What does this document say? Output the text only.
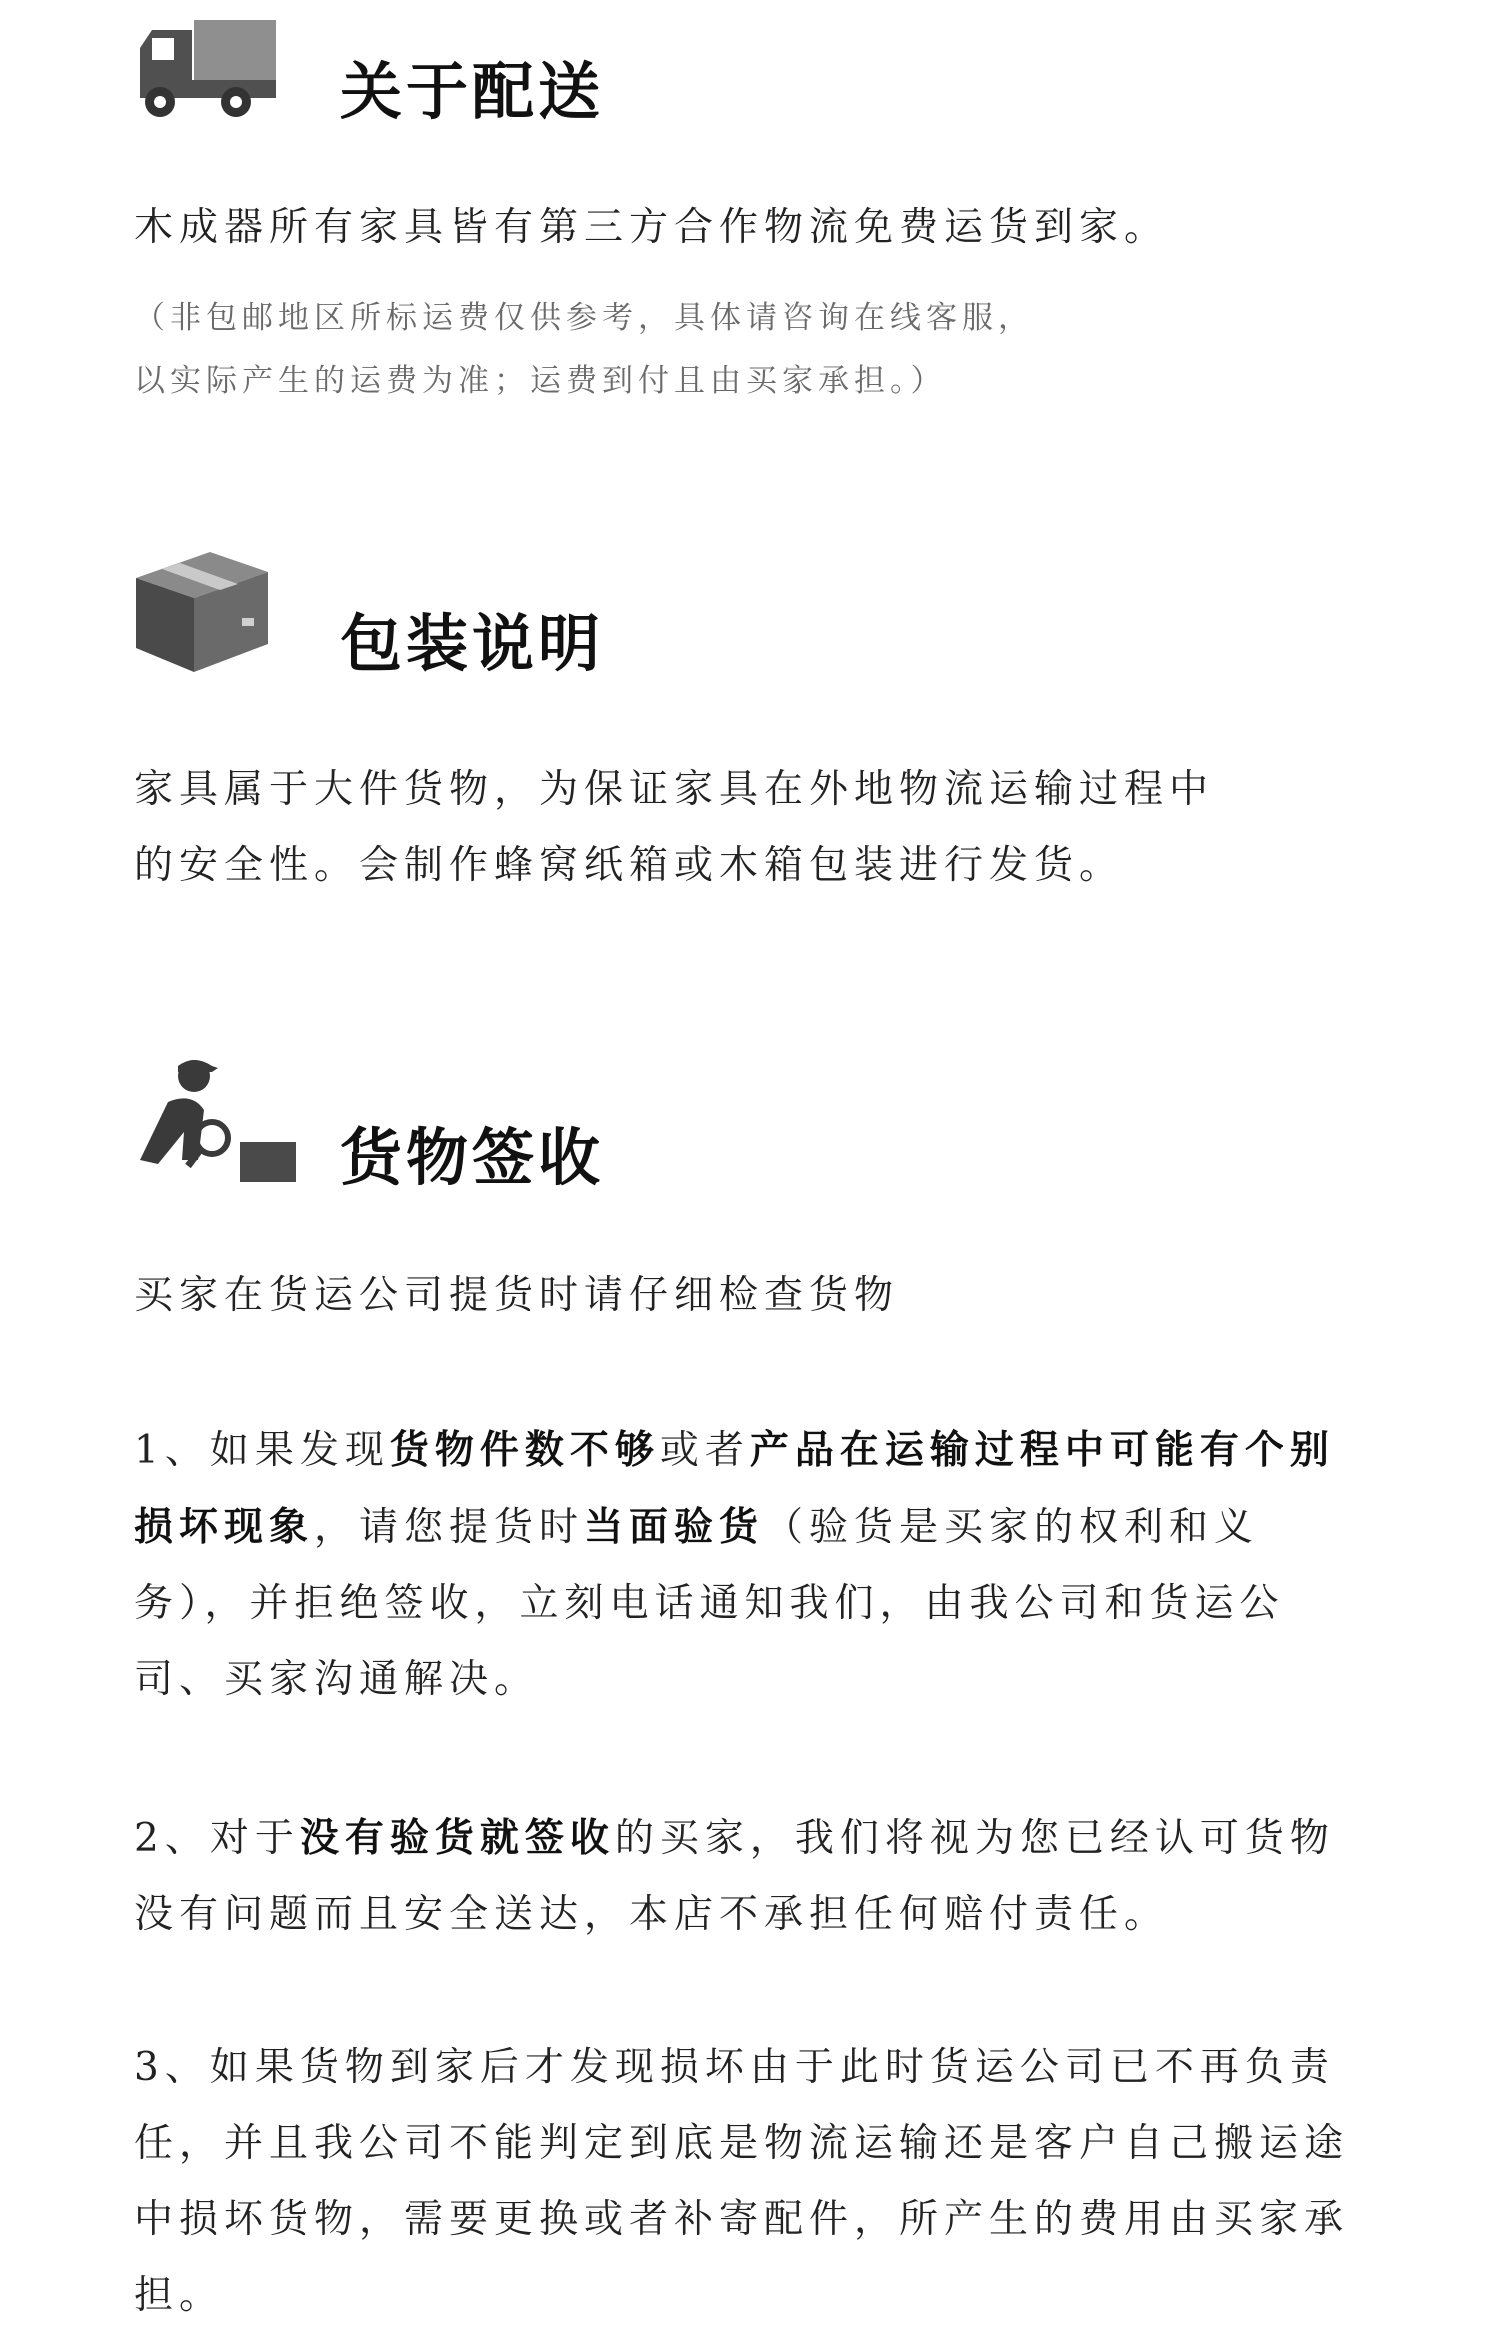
关于配送
木成器所有家具皆有第三方合作物流免费运货到家。
（非包邮地区所标运费仅供参考，具体请咨询在线客服，
以实际产生的运费为准；运费到付且由买家承担。）
包装说明
家具属于大件货物，为保证家具在外地物流运输过程中
的安全性。会制作蜂窝纸箱或木箱包装进行发货。
货物签收
买家在货运公司提货时请仔细检查货物
1、如果发现货物件数不够或者产品在运输过程中可能有个别损坏现象，请您提货时当面验货（验货是买家的权利和义务），并拒绝签收，立刻电话通知我们，由我公司和货运公司、买家沟通解决。
2、对于没有验货就签收的买家，我们将视为您已经认可货物没有问题而且安全送达，本店不承担任何赔付责任。
3、如果货物到家后才发现损坏由于此时货运公司已不再负责任，并且我公司不能判定到底是物流运输还是客户自己搬运途中损坏货物，需要更换或者补寄配件，所产生的费用由买家承担。
